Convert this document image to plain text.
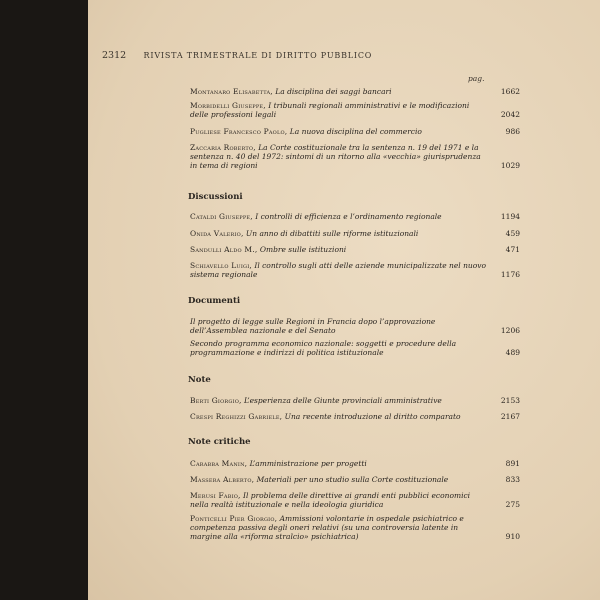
2312 RIVISTA TRIMESTRALE DI DIRITTO PUBBLICO
pag.
Montanaro Elisabetta, La disciplina dei saggi bancari	1662
Morbidelli Giuseppe, I tribunali regionali amministrativi e le modificazioni delle professioni legali	2042
Pugliese Francesco Paolo, La nuova disciplina del commercio	986
Zaccaria Roberto, La Corte costituzionale tra la sentenza n. 19 del 1971 e la sentenza n. 40 del 1972: sintomi di un ritorno alla «vecchia» giurisprudenza in tema di regioni	1029
Discussioni
Cataldi Giuseppe, I controlli di efficienza e l’ordinamento regionale	1194
Onida Valerio, Un anno di dibattiti sulle riforme istituzionali	459
Sandulli Aldo M., Ombre sulle istituzioni	471
Schiavello Luigi, Il controllo sugli atti delle aziende municipalizzate nel nuovo sistema regionale	1176
Documenti
Il progetto di legge sulle Regioni in Francia dopo l’approvazione dell’Assemblea nazionale e del Senato	1206
Secondo programma economico nazionale: soggetti e procedure della programmazione e indirizzi di politica istituzionale	489
Note
Berti Giorgio, L’esperienza delle Giunte provinciali amministrative	2153
Crespi Reghizzi Gabriele, Una recente introduzione al diritto comparato	2167
Note critiche
Carabba Manin, L’amministrazione per progetti	891
Massera Alberto, Materiali per uno studio sulla Corte costituzionale	833
Merusi Fabio, Il problema delle direttive ai grandi enti pubblici economici nella realtà istituzionale e nella ideologia giuridica	275
Ponticelli Pier Giorgio, Ammissioni volontarie in ospedale psichiatrico e competenza passiva degli oneri relativi (su una controversia latente in margine alla «riforma stralcio» psichiatrica)	910
